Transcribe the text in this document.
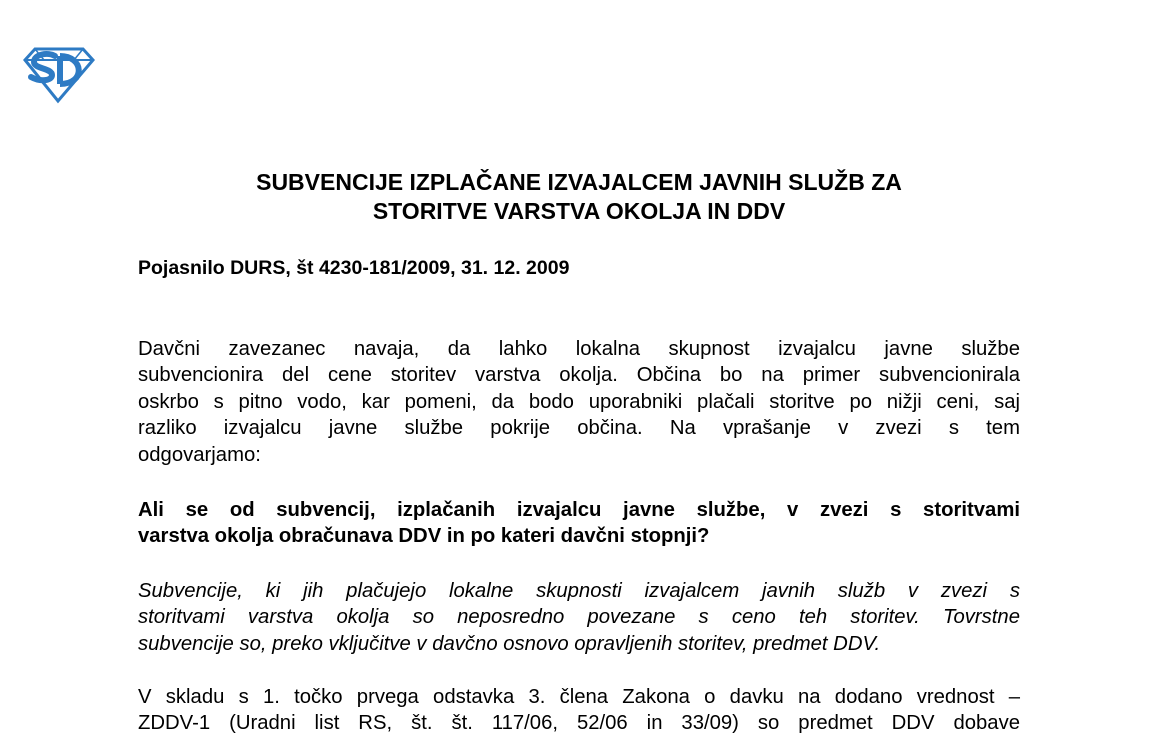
SUBVENCIJE IZPLAČANE IZVAJALCEM JAVNIH SLUŽB ZA
STORITVE VARSTVA OKOLJA IN DDV

Pojasnilo DURS, št 4230-181/2009, 31. 12. 2009

Davčni zavezanec navaja, da lahko lokalna skupnost izvajalcu javne službe
subvencionira del cene storitev varstva okolja. Občina bo na primer subvencionirala
oskrbo s pitno vodo, kar pomeni, da bodo uporabniki plačali storitve po nižji ceni, saj
razliko izvajalcu javne službe pokrije občina. Na vprašanje v zvezi s tem
odgovarjamo:

Ali se od subvencij, izplačanih izvajalcu javne službe, v zvezi s storitvami
varstva okolja obračunava DDV in po kateri davčni stopnji?

Subvencije, ki jih plačujejo lokalne skupnosti izvajalcem javnih služb v zvezi s
storitvami varstva okolja so neposredno povezane s ceno teh storitev. Tovrstne
subvencije so, preko vključitve v davčno osnovo opravljenih storitev, predmet DDV.

V skladu s 1. točko prvega odstavka 3. člena Zakona o davku na dodano vrednost –
ZDDV-1 (Uradni list RS, št. št. 117/06, 52/06 in 33/09) so predmet DDV dobave
